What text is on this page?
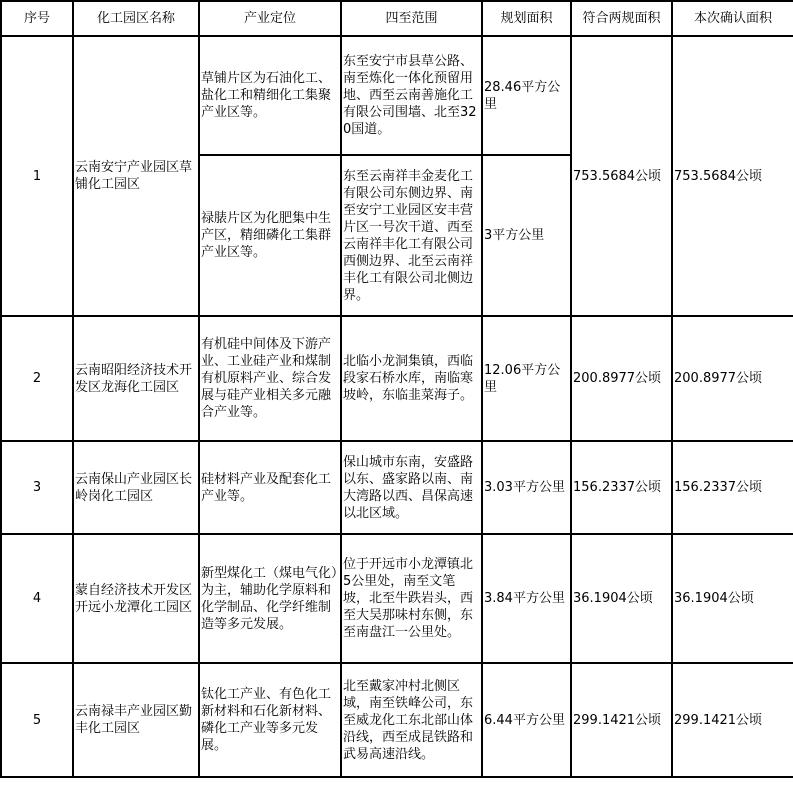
序号	化工园区名称	产业定位	四至范围	规划面积	符合两规面积	本次确认面积
1	云南安宁产业园区草铺化工园区	草铺片区为石油化工、盐化工和精细化工集聚产业区等。	东至安宁市县草公路、南至炼化一体化预留用地、西至云南善施化工有限公司围墙、北至320国道。	28.46平方公里	753.5684公顷	753.5684公顷
		禄脿片区为化肥集中生产区，精细磷化工集群产业区等。	东至云南祥丰金麦化工有限公司东侧边界、南至安宁工业园区安丰营片区一号次干道、西至云南祥丰化工有限公司西侧边界、北至云南祥丰化工有限公司北侧边界。	3平方公里		
2	云南昭阳经济技术开发区龙海化工园区	有机硅中间体及下游产业、工业硅产业和煤制有机原料产业、综合发展与硅产业相关多元融合产业等。	北临小龙洞集镇，西临段家石桥水库，南临寒坡岭，东临韭菜海子。	12.06平方公里	200.8977公顷	200.8977公顷
3	云南保山产业园区长岭岗化工园区	硅材料产业及配套化工产业等。	保山城市东南，安盛路以东、盛家路以南、南大湾路以西、昌保高速以北区域。	3.03平方公里	156.2337公顷	156.2337公顷
4	蒙自经济技术开发区开远小龙潭化工园区	新型煤化工（煤电气化）为主，辅助化学原料和化学制品、化学纤维制造等多元发展。	位于开远市小龙潭镇北5公里处，南至文笔坡，北至牛跌岩头，西至大吴那味村东侧，东至南盘江一公里处。	3.84平方公里	36.1904公顷	36.1904公顷
5	云南禄丰产业园区勤丰化工园区	钛化工产业、有色化工新材料和石化新材料、磷化工产业等多元发展。	北至戴家冲村北侧区域，南至铁峰公司，东至威龙化工东北部山体沿线，西至成昆铁路和武易高速沿线。	6.44平方公里	299.1421公顷	299.1421公顷
